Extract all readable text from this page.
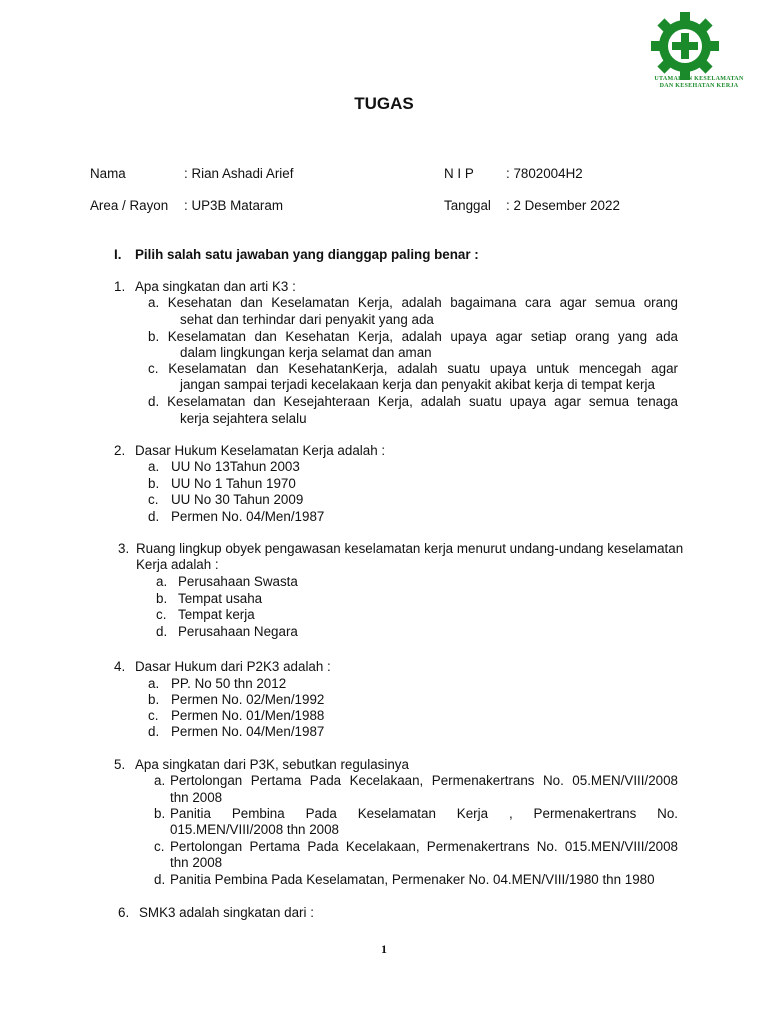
UTAMAKAN KESELAMATAN
DAN KESEHATAN KERJA
TUGAS
Nama	: Rian Ashadi Arief	N I P : 7802004H2
Area / Rayon : UP3B Mataram	Tanggal : 2 Desember 2022
I. Pilih salah satu jawaban yang dianggap paling benar :
1. Apa singkatan dan arti K3 :
a. Kesehatan dan Keselamatan Kerja, adalah bagaimana cara agar semua orang
sehat dan terhindar dari penyakit yang ada
b. Keselamatan dan Kesehatan Kerja, adalah upaya agar setiap orang yang ada
dalam lingkungan kerja selamat dan aman
c. Keselamatan dan KesehatanKerja, adalah suatu upaya untuk mencegah agar
jangan sampai terjadi kecelakaan kerja dan penyakit akibat kerja di tempat kerja
d. Keselamatan dan Kesejahteraan Kerja, adalah suatu upaya agar semua tenaga
kerja sejahtera selalu
2. Dasar Hukum Keselamatan Kerja adalah :
a. UU No 13Tahun 2003
b. UU No 1 Tahun 1970
c. UU No 30 Tahun 2009
d. Permen No. 04/Men/1987
3. Ruang lingkup obyek pengawasan keselamatan kerja menurut undang-undang keselamatan
Kerja adalah :
a. Perusahaan Swasta
b. Tempat usaha
c. Tempat kerja
d. Perusahaan Negara
4. Dasar Hukum dari P2K3 adalah :
a. PP. No 50 thn 2012
b. Permen No. 02/Men/1992
c. Permen No. 01/Men/1988
d. Permen No. 04/Men/1987
5. Apa singkatan dari P3K, sebutkan regulasinya
a. Pertolongan Pertama Pada Kecelakaan, Permenakertrans No. 05.MEN/VIII/2008
thn 2008
b. Panitia Pembina Pada Keselamatan Kerja , Permenakertrans No.
015.MEN/VIII/2008 thn 2008
c. Pertolongan Pertama Pada Kecelakaan, Permenakertrans No. 015.MEN/VIII/2008
thn 2008
d. Panitia Pembina Pada Keselamatan, Permenaker No. 04.MEN/VIII/1980 thn 1980
6. SMK3 adalah singkatan dari :
1
